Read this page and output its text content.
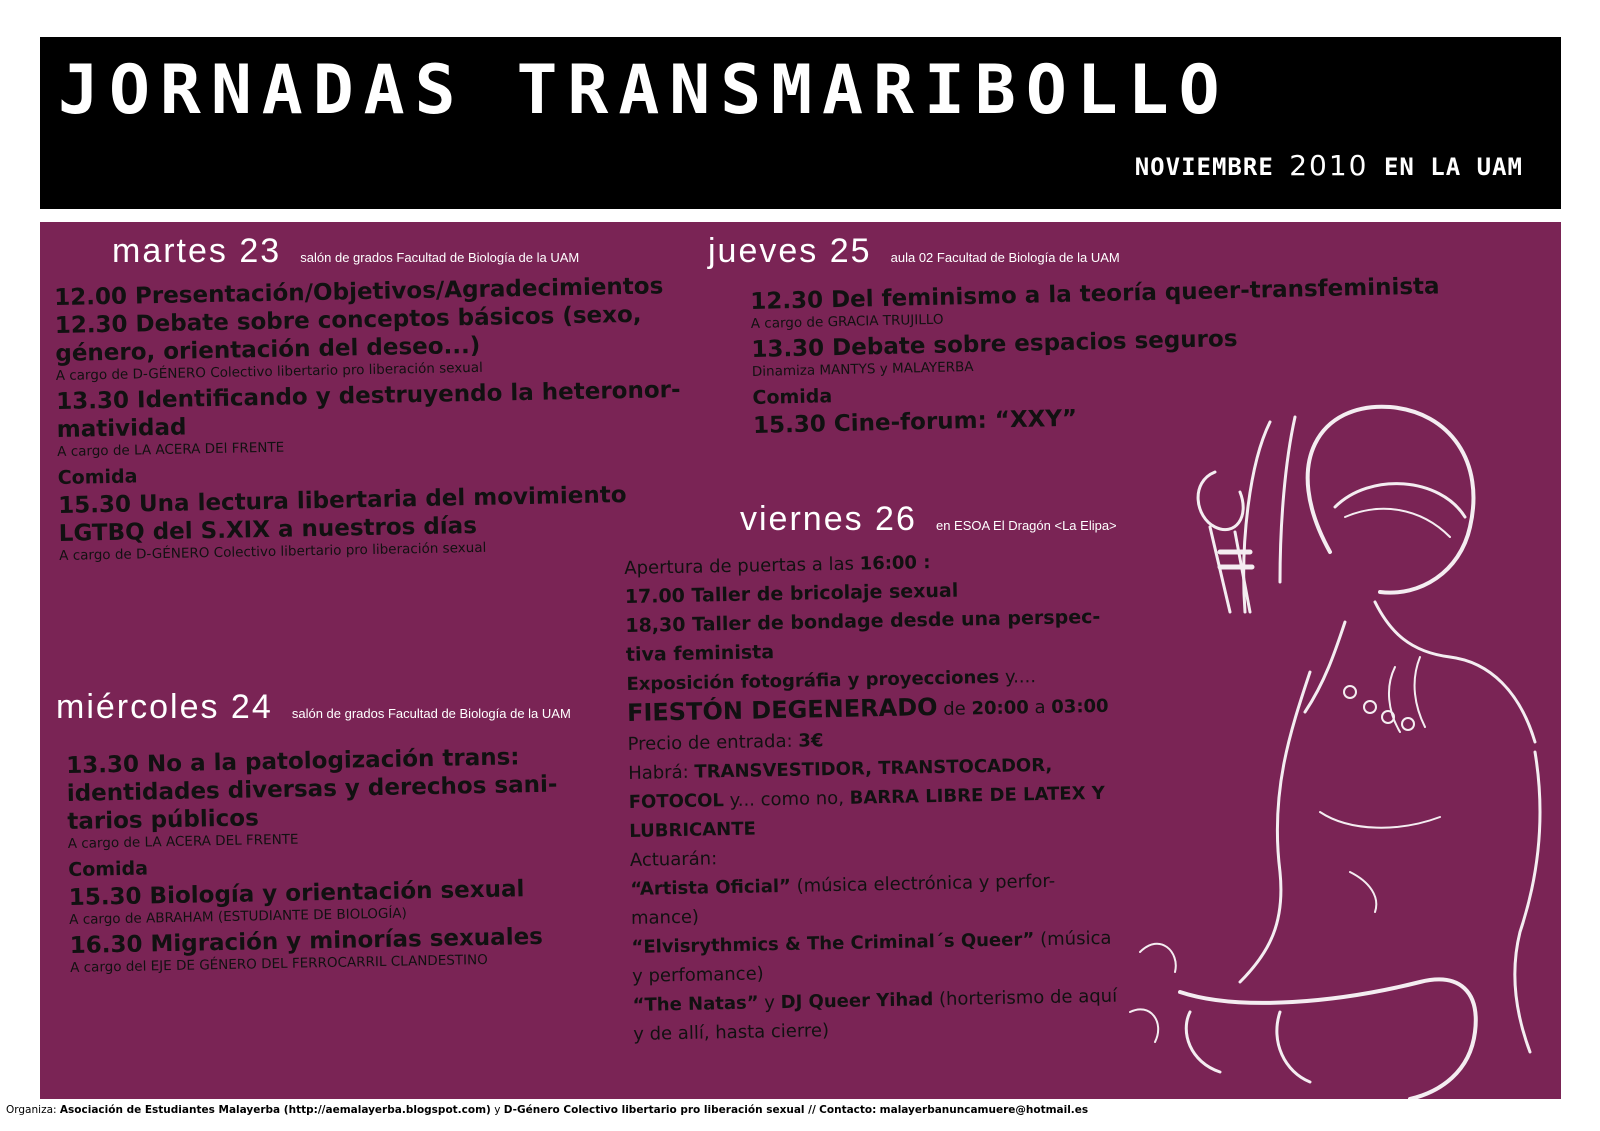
JORNADAS TRANSMARIBOLLO
NOVIEMBRE 2010 EN LA UAM
martes 23 salón de grados Facultad de Biología de la UAM
12.00 Presentación/Objetivos/Agradecimientos
12.30 Debate sobre conceptos básicos (sexo, género, orientación del deseo...)
A cargo de D-GÉNERO Colectivo libertario pro liberación sexual
13.30 Identificando y destruyendo la heteronor-matividad
A cargo de LA ACERA DEl FRENTE
Comida
15.30 Una lectura libertaria del movimiento LGTBQ del S.XIX a nuestros días
A cargo de D-GÉNERO Colectivo libertario pro liberación sexual
miércoles 24 salón de grados Facultad de Biología de la UAM
13.30 No a la patologización trans: identidades diversas y derechos sani-tarios públicos
A cargo de LA ACERA DEL FRENTE
Comida
15.30 Biología y orientación sexual
A cargo de ABRAHAM (ESTUDIANTE DE BIOLOGÍA)
16.30 Migración y minorías sexuales
A cargo del EJE DE GÉNERO DEL FERROCARRIL CLANDESTINO
jueves 25 aula 02 Facultad de Biología de la UAM
12.30 Del feminismo a la teoría queer-transfeminista
A cargo de GRACIA TRUJILLO
13.30 Debate sobre espacios seguros
Dinamiza MANTYS y MALAYERBA
Comida
15.30 Cine-forum: “XXY”
viernes 26 en ESOA El Dragón <La Elipa>
Apertura de puertas a las 16:00 :
17.00 Taller de bricolaje sexual
18,30 Taller de bondage desde una perspec-tiva feminista
Exposición fotográfia y proyecciones y....
FIESTÓN DEGENERADO de 20:00 a 03:00
Precio de entrada: 3€
Habrá: TRANSVESTIDOR, TRANSTOCADOR, FOTOCOL y... como no, BARRA LIBRE DE LATEX Y LUBRICANTE
Actuarán:
“Artista Oficial” (música electrónica y perfor-mance)
“Elvisrythmics & The Criminal´s Queer” (música y perfomance)
“The Natas” y DJ Queer Yihad (horterismo de aquí y de allí, hasta cierre)
Organiza: Asociación de Estudiantes Malayerba (http://aemalayerba.blogspot.com) y D-Género Colectivo libertario pro liberación sexual // Contacto: malayerbanuncamuere@hotmail.es
